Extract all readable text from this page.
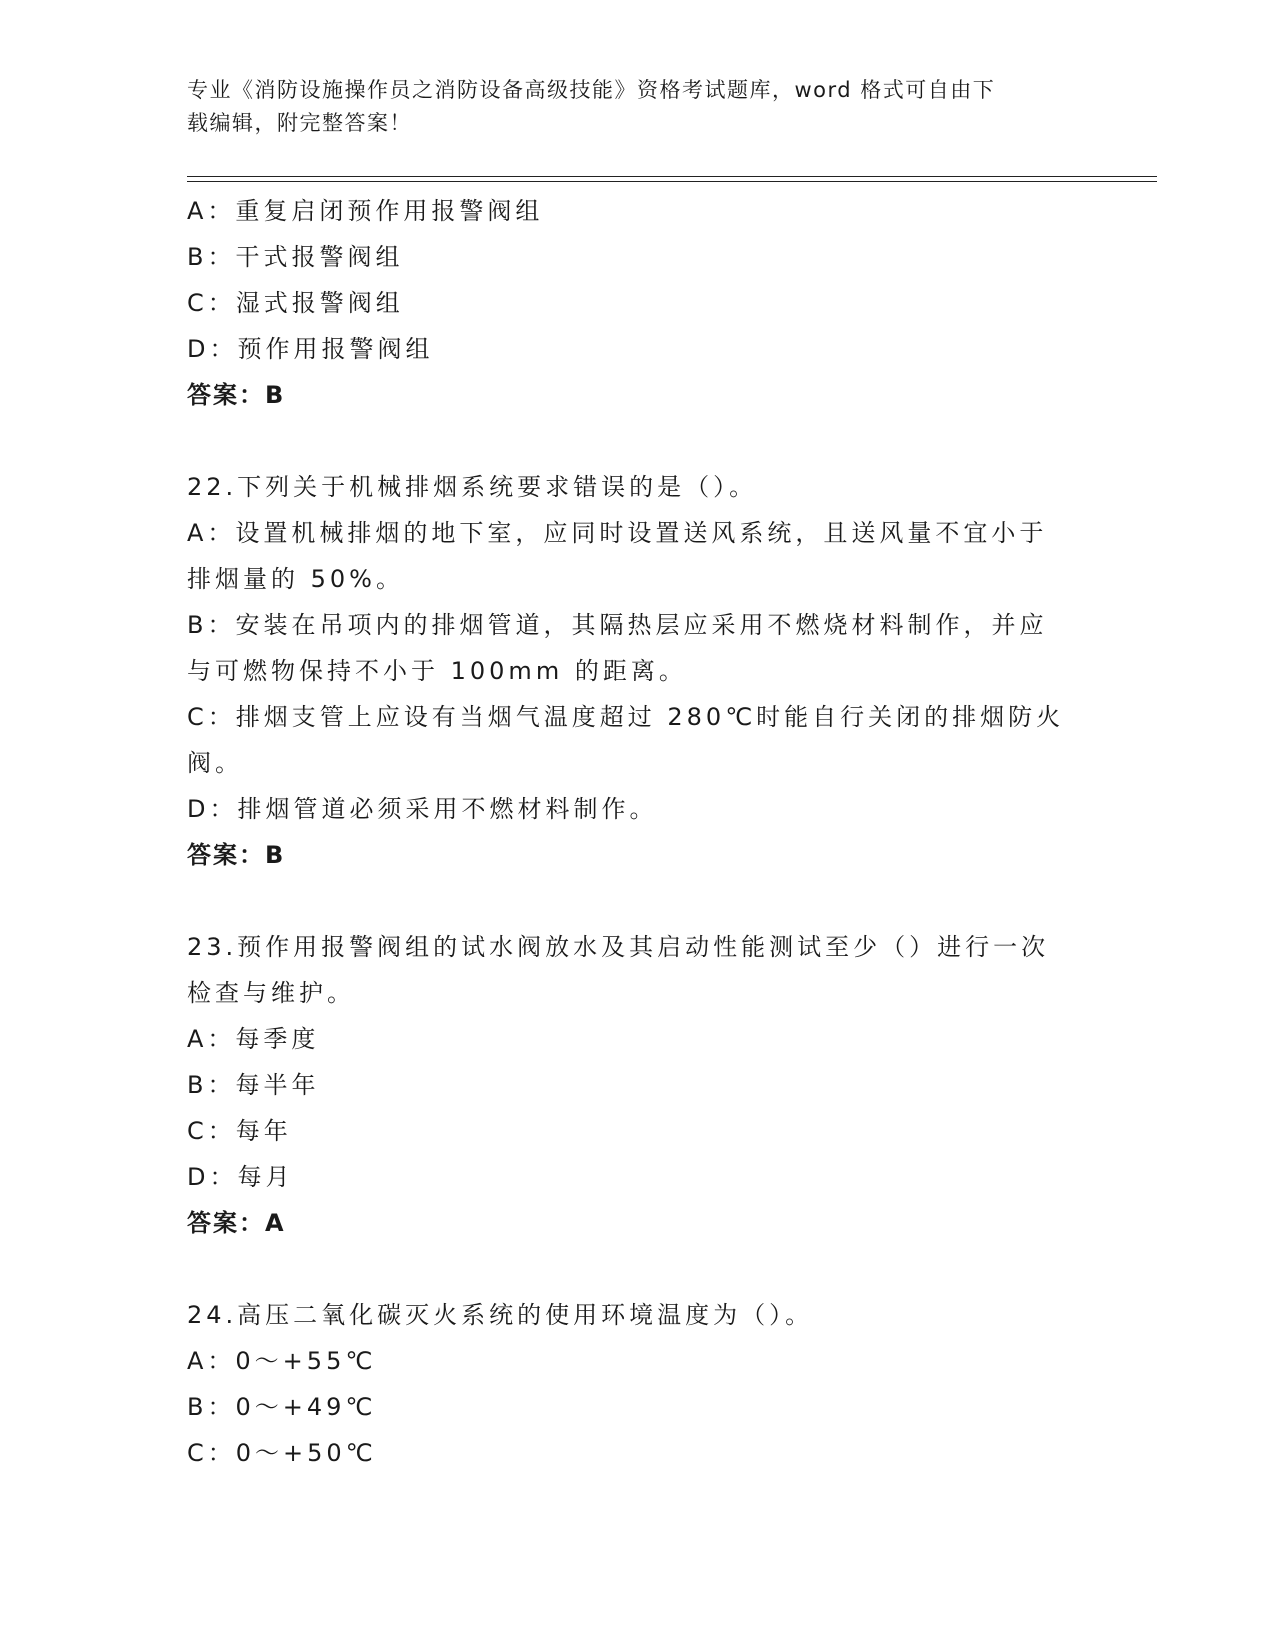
专业《消防设施操作员之消防设备高级技能》资格考试题库，word 格式可自由下
载编辑，附完整答案！
A：重复启闭预作用报警阀组
B：干式报警阀组
C：湿式报警阀组
D：预作用报警阀组
答案：B
22.下列关于机械排烟系统要求错误的是（）。
A：设置机械排烟的地下室，应同时设置送风系统，且送风量不宜小于
排烟量的 50%。
B：安装在吊项内的排烟管道，其隔热层应采用不燃烧材料制作，并应
与可燃物保持不小于 100mm 的距离。
C：排烟支管上应设有当烟气温度超过 280℃时能自行关闭的排烟防火
阀。
D：排烟管道必须采用不燃材料制作。
答案：B
23.预作用报警阀组的试水阀放水及其启动性能测试至少（）进行一次
检查与维护。
A：每季度
B：每半年
C：每年
D：每月
答案：A
24.高压二氧化碳灭火系统的使用环境温度为（）。
A：0～+55℃
B：0～+49℃
C：0～+50℃
